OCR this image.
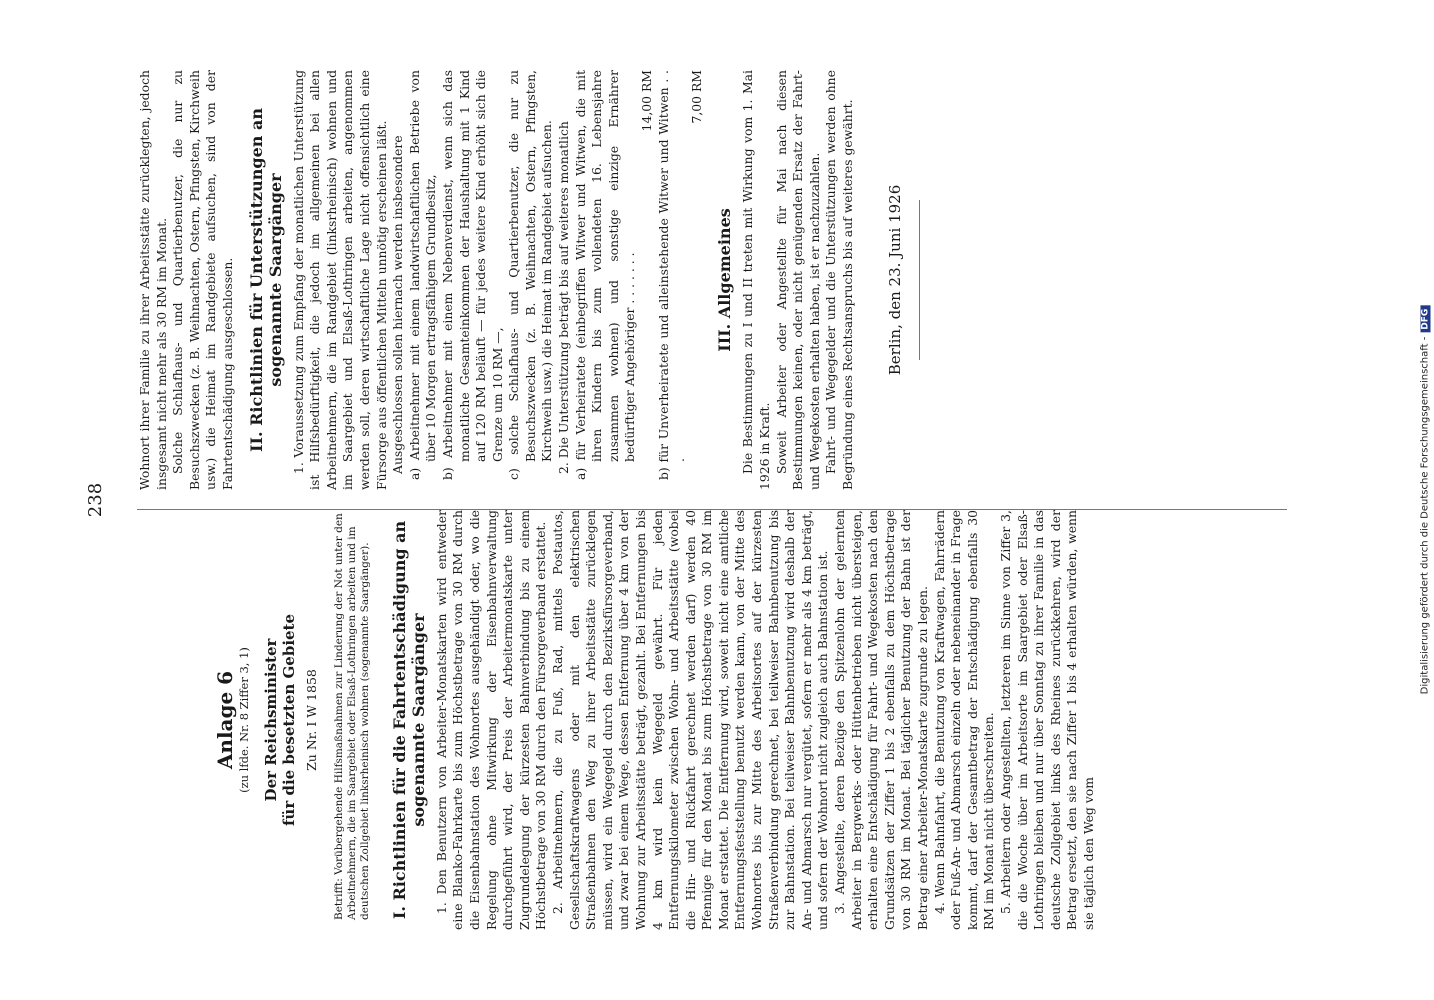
238
Anlage 6 (zu lfde. Nr. 8 Ziffer 3, 1) Der Reichsminister für die besetzten Gebiete Zu Nr. I W 1858 Betrifft: Vorübergehende Hilfsmaßnahmen zur Linderung der Not unter den Arbeitnehmern, die im Saargebiet oder Elsaß-Lothringen arbeiten und im deutschen Zollgebiet linksrheinisch wohnen (sogenannte Saargänger). I. Richtlinien für die Fahrtentschädigung an sogenannte Saargänger 1. Den Benutzern von Arbeiter-Monatskarten wird entweder eine Blanko-Fahrkarte bis zum Höchstbetrage von 30 RM durch die Eisenbahnstation des Wohnortes ausgehändigt oder, wo die Regelung ohne Mitwirkung der Eisenbahnverwaltung durchgeführt wird, der Preis der Arbeitermonatskarte unter Zugrundelegung der kürzesten Bahnverbindung bis zu einem Höchstbetrage von 30 RM durch den Fürsorgeverband erstattet. 2. Arbeitnehmern, die zu Fuß, Rad, mittels Postautos, Gesellschaftskraftwagens oder mit den elektrischen Straßenbahnen den Weg zu ihrer Arbeitsstätte zurücklegen müssen, wird ein Wegegeld durch den Bezirksfürsorgeverband, und zwar bei einem Wege, dessen Entfernung über 4 km von der Wohnung zur Arbeitsstätte beträgt, gezahlt. Bei Entfernungen bis 4 km wird kein Wegegeld gewährt. Für jeden Entfernungskilometer zwischen Wohn- und Arbeitsstätte (wobei die Hin- und Rückfahrt gerechnet werden darf) werden 40 Pfennige für den Monat bis zum Höchstbetrage von 30 RM im Monat erstattet. Die Entfernung wird, soweit nicht eine amtliche Entfernungsfeststellung benutzt werden kann, von der Mitte des Wohnortes bis zur Mitte des Arbeitsortes auf der kürzesten Straßenverbindung gerechnet, bei teilweiser Bahnbenutzung bis zur Bahnstation. Bei teilweiser Bahnbenutzung wird deshalb der An- und Abmarsch nur vergütet, sofern er mehr als 4 km beträgt, und sofern der Wohnort nicht zugleich auch Bahnstation ist. 3. Angestellte, deren Bezüge den Spitzenlohn der gelernten Arbeiter in Bergwerks- oder Hüttenbetrieben nicht übersteigen, erhalten eine Entschädigung für Fahrt- und Wegekosten nach den Grundsätzen der Ziffer 1 bis 2 ebenfalls zu dem Höchstbetrage von 30 RM im Monat. Bei täglicher Benutzung der Bahn ist der Betrag einer Arbeiter-Monatskarte zugrunde zu legen. 4. Wenn Bahnfahrt, die Benutzung von Kraftwagen, Fahrrädern oder Fuß-An- und Abmarsch einzeln oder nebeneinander in Frage kommt, darf der Gesamtbetrag der Entschädigung ebenfalls 30 RM im Monat nicht überschreiten. 5. Arbeitern oder Angestellten, letzteren im Sinne von Ziffer 3, die die Woche über im Arbeitsorte im Saargebiet oder Elsaß-Lothringen bleiben und nur über Sonntag zu ihrer Familie in das deutsche Zollgebiet links des Rheines zurückkehren, wird der Betrag ersetzt, den sie nach Ziffer 1 bis 4 erhalten würden, wenn sie täglich den Weg vom

Wohnort ihrer Familie zu ihrer Arbeitsstätte zurücklegten, jedoch insgesamt nicht mehr als 30 RM im Monat. Solche Schlafhaus- und Quartierbenutzer, die nur zu Besuchszwecken (z. B. Weihnachten, Ostern, Pfingsten, Kirchweih usw.) die Heimat im Randgebiete aufsuchen, sind von der Fahrtentschädigung ausgeschlossen. II. Richtlinien für Unterstützungen an sogenannte Saargänger 1. Voraussetzung zum Empfang der monatlichen Unterstützung ist Hilfsbedürftigkeit, die jedoch im allgemeinen bei allen Arbeitnehmern, die im Randgebiet (linksrheinisch) wohnen und im Saargebiet und Elsaß-Lothringen arbeiten, angenommen werden soll, deren wirtschaftliche Lage nicht offensichtlich eine Fürsorge aus öffentlichen Mitteln unnötig erscheinen läßt. Ausgeschlossen sollen hiernach werden insbesondere a) Arbeitnehmer mit einem landwirtschaftlichen Betriebe von über 10 Morgen ertragsfähigem Grundbesitz, b) Arbeitnehmer mit einem Nebenverdienst, wenn sich das monatliche Gesamteinkommen der Haushaltung mit 1 Kind auf 120 RM beläuft — für jedes weitere Kind erhöht sich die Grenze um 10 RM —, c) solche Schlafhaus- und Quartierbenutzer, die nur zu Besuchszwecken (z. B. Weihnachten, Ostern, Pfingsten, Kirchweih usw.) die Heimat im Randgebiet aufsuchen. 2. Die Unterstützung beträgt bis auf weiteres monatlich a) für Verheiratete (einbegriffen Witwer und Witwen, die mit ihren Kindern bis zum vollendeten 16. Lebensjahre zusammen wohnen) und sonstige einzige Ernährer bedürftiger Angehöriger . . . . . . .
14,00 RM b) für Unverheiratete und alleinstehende Witwer und Witwen . . .
7,00 RM

III. Allgemeines Die Bestimmungen zu I und II treten mit Wirkung vom 1. Mai 1926 in Kraft. Soweit Arbeiter oder Angestellte für Mai nach diesen Bestimmungen keinen, oder nicht genügenden Ersatz der Fahrt- und Wegekosten erhalten haben, ist er nachzuzahlen. Fahrt- und Wegegelder und die Unterstützungen werden ohne Begründung eines Rechtsanspruchs bis auf weiteres gewährt. Berlin, den 23. Juni 1926
Digitalisierung gefördert durch die Deutsche Forschungsgemeinschaft -DFG
